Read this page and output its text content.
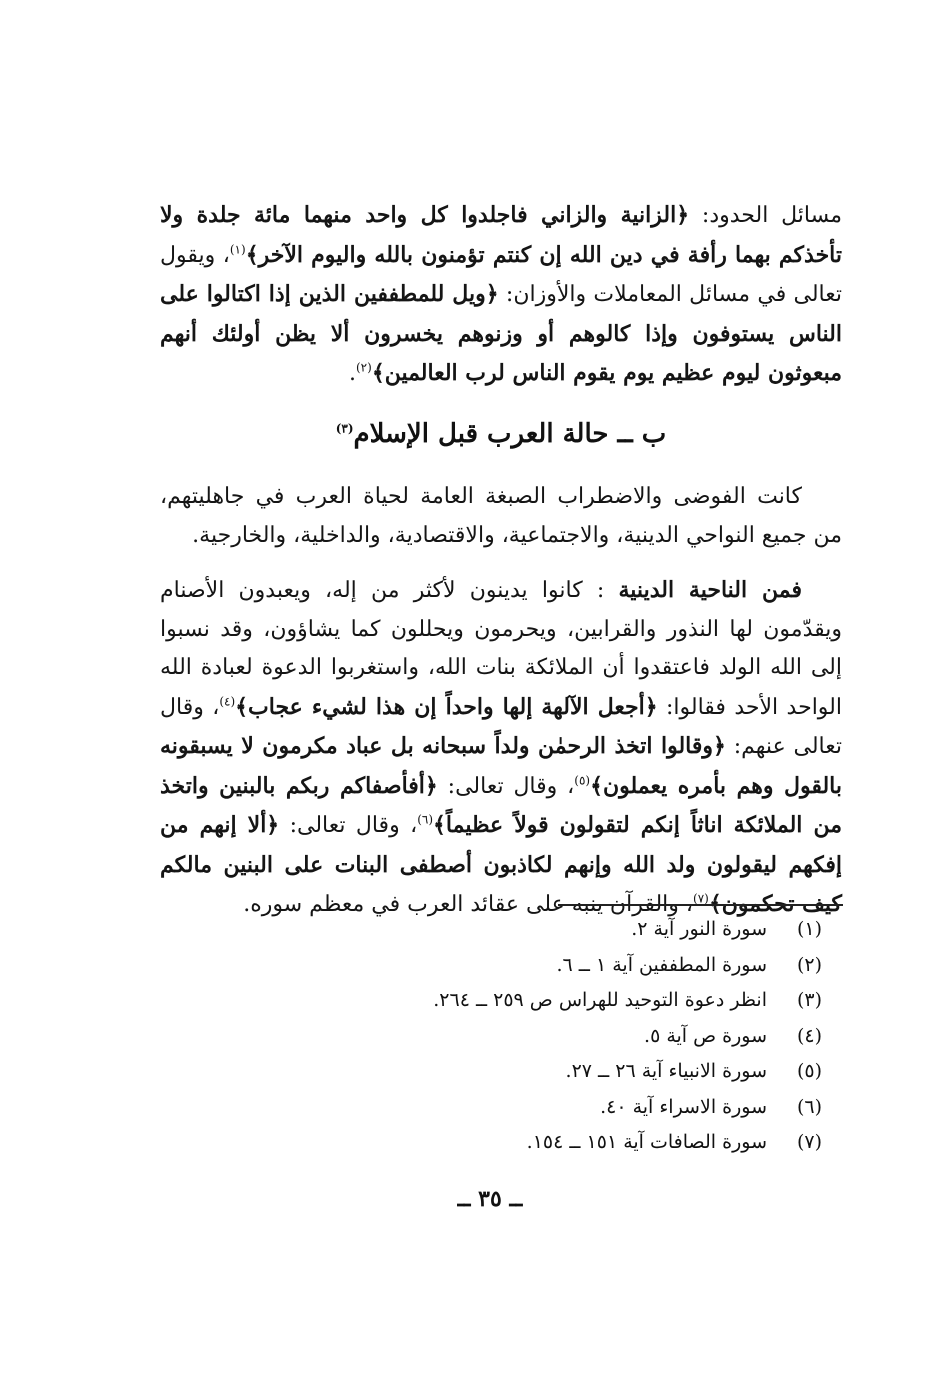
مسائل الحدود: ﴿الزانية والزاني فاجلدوا كل واحد منهما مائة جلدة ولا تأخذكم بهما رأفة في دين الله إن كنتم تؤمنون بالله واليوم الآخر﴾$^{(١)}$، ويقول تعالى في مسائل المعاملات والأوزان: ﴿ويل للمطففين الذين إذا اكتالوا على الناس يستوفون وإذا كالوهم أو وزنوهم يخسرون ألا يظن أولئك أنهم مبعوثون ليوم عظيم يوم يقوم الناس لرب العالمين﴾$^{(٢)}$.

ب ــ حالة العرب قبل الإسلام$^{(٣)}$

كانت الفوضى والاضطراب الصبغة العامة لحياة العرب في جاهليتهم، من جميع النواحي الدينية، والاجتماعية، والاقتصادية، والداخلية، والخارجية.

فمن الناحية الدينية : كانوا يدينون لأكثر من إله، ويعبدون الأصنام ويقدّمون لها النذور والقرابين، ويحرمون ويحللون كما يشاؤون، وقد نسبوا إلى الله الولد فاعتقدوا أن الملائكة بنات الله، واستغربوا الدعوة لعبادة الله الواحد الأحد فقالوا: ﴿أجعل الآلهة إلها واحداً إن هذا لشيء عجاب﴾$^{(٤)}$، وقال تعالى عنهم: ﴿وقالوا اتخذ الرحمٰن ولداً سبحانه بل عباد مكرمون لا يسبقونه بالقول وهم بأمره يعملون﴾$^{(٥)}$، وقال تعالى: ﴿أفأصفاكم ربكم بالبنين واتخذ من الملائكة اناثاً إنكم لتقولون قولاً عظيماً﴾$^{(٦)}$، وقال تعالى: ﴿ألا إنهم من إفكهم ليقولون ولد الله وإنهم لكاذبون أصطفى البنات على البنين مالكم كيف تحكمون﴾$^{(٧)}$، والقرآن ينبه على عقائد العرب في معظم سوره.

(١)سورة النور آية ٢.
(٢)سورة المطففين آية ١ ــ ٦.
(٣)انظر دعوة التوحيد للهراس ص ٢٥٩ ــ ٢٦٤.
(٤)سورة ص آية ٥.
(٥)سورة الانبياء آية ٢٦ ــ ٢٧.
(٦)سورة الاسراء آية ٤٠.
(٧)سورة الصافات آية ١٥١ ــ ١٥٤.
ــ ٣٥ ــ
